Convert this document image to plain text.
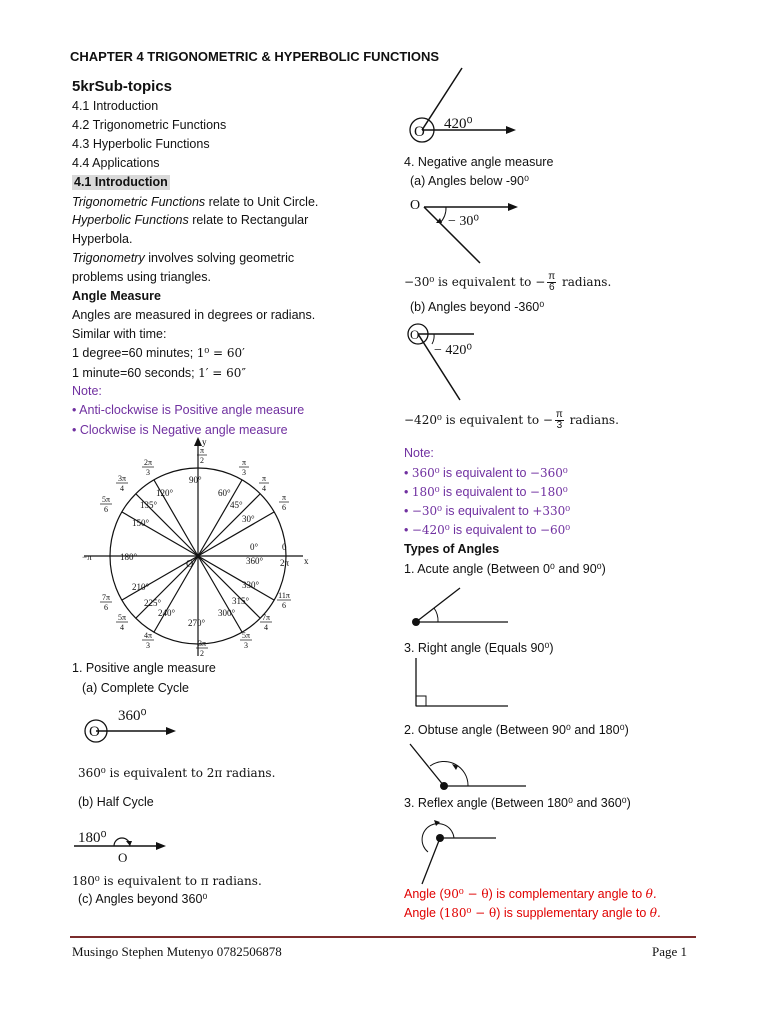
CHAPTER 4 TRIGONOMETRIC & HYPERBOLIC FUNCTIONS
5krSub-topics
4.1 Introduction
4.2 Trigonometric Functions
4.3 Hyperbolic Functions
4.4 Applications
4.1 Introduction
Trigonometric Functions relate to Unit Circle.
Hyperbolic Functions relate to Rectangular
Hyperbola.
Trigonometry involves solving geometric
problems using triangles.
Angle Measure
Angles are measured in degrees or radians.
Similar with time:
1 degree=60 minutes; 1⁰ = 60′
1 minute=60 seconds; 1′ = 60″
Note:
• Anti-clockwise is Positive angle measure
• Clockwise is Negative angle measure
y
x
O
0°
30°
45°
60°
90°
120°
135°
150°
180°
210°
225°
240°
270°
300°
315°
330°
360°
−π
0
2π
π
2	π
3
π
4
π
6
2π
3
3π
4
5π
6
7π
6
5π
4
4π
3	3π
2
5π
3
7π
4
11π
6
1. Positive angle measure
(a) Complete Cycle
O
360⁰
360⁰ is equivalent to 2π radians.
(b) Half Cycle
180⁰
O
180⁰ is equivalent to π radians.
(c) Angles beyond 360⁰
O 420⁰
4. Negative angle measure
(a) Angles below -90⁰
O
− 30⁰
−30⁰ is equivalent to − $\frac{\pi}{6}$ radians.
(b) Angles beyond -360⁰
O
− 420⁰
−420⁰ is equivalent to − $\frac{\pi}{3}$ radians.
Note:
• 360⁰ is equivalent to −360⁰
• 180⁰ is equivalent to −180⁰
• −30⁰ is equivalent to +330⁰
• −420⁰ is equivalent to −60⁰
Types of Angles
1. Acute angle (Between 0⁰ and 90⁰)
3. Right angle (Equals 90⁰)
2. Obtuse angle (Between 90⁰ and 180⁰)
3. Reflex angle (Between 180⁰ and 360⁰)
Angle (90⁰ − θ) is complementary angle to θ.
Angle (180⁰ − θ) is supplementary angle to θ.
Musingo Stephen Mutenyo 0782506878	Page 1
